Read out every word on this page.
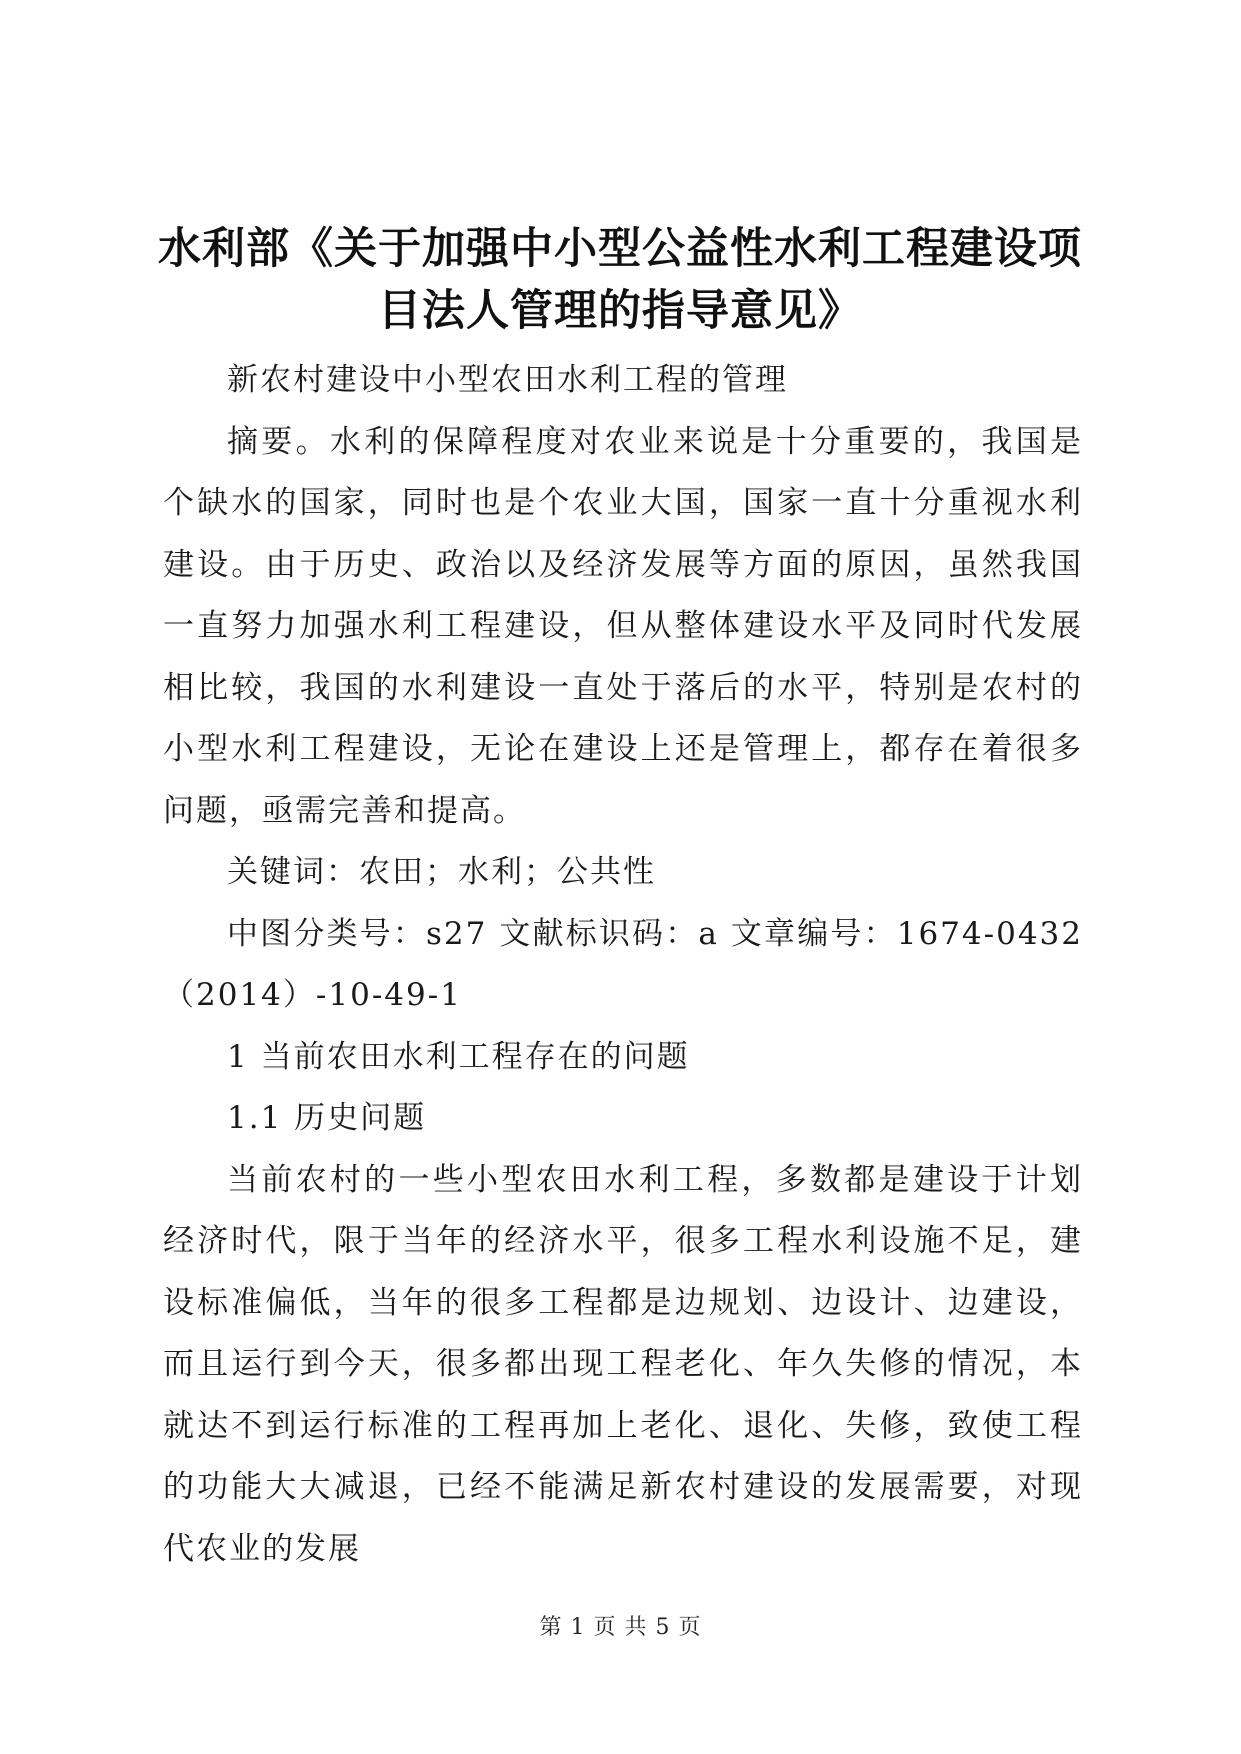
水利部《关于加强中小型公益性水利工程建设项目法人管理的指导意见》

新农村建设中小型农田水利工程的管理

摘要。水利的保障程度对农业来说是十分重要的，我国是个缺水的国家，同时也是个农业大国，国家一直十分重视水利建设。由于历史、政治以及经济发展等方面的原因，虽然我国一直努力加强水利工程建设，但从整体建设水平及同时代发展相比较，我国的水利建设一直处于落后的水平，特别是农村的小型水利工程建设，无论在建设上还是管理上，都存在着很多问题，亟需完善和提高。

关键词：农田；水利；公共性

中图分类号：s27 文献标识码：a 文章编号：1674-0432（2014）-10-49-1

1 当前农田水利工程存在的问题

1.1 历史问题

当前农村的一些小型农田水利工程，多数都是建设于计划经济时代，限于当年的经济水平，很多工程水利设施不足，建设标准偏低，当年的很多工程都是边规划、边设计、边建设，而且运行到今天，很多都出现工程老化、年久失修的情况，本就达不到运行标准的工程再加上老化、退化、失修，致使工程的功能大大减退，已经不能满足新农村建设的发展需要，对现代农业的发展

第 1 页 共 5 页
